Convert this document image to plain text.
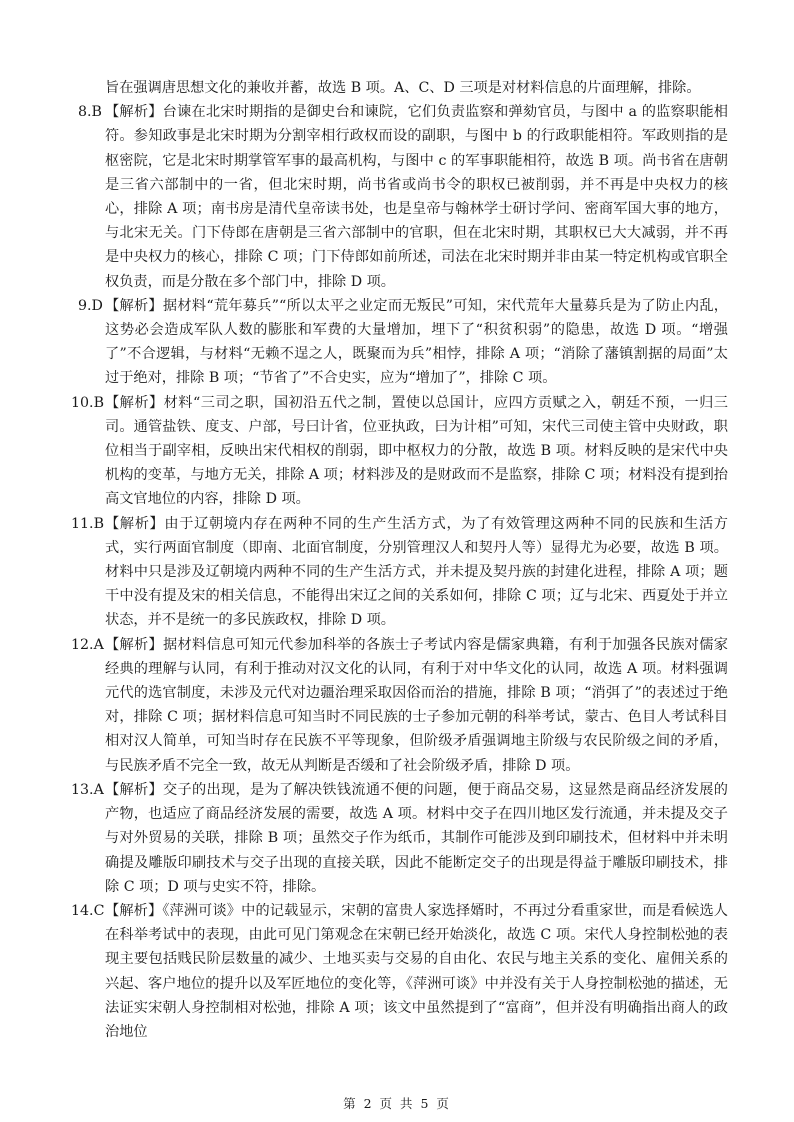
旨在强调唐思想文化的兼收并蓄，故选 B 项。A、C、D 三项是对材料信息的片面理解，排除。
8.B 【解析】台谏在北宋时期指的是御史台和谏院，它们负责监察和弹劾官员，与图中 a 的监察职能相符。参知政事是北宋时期为分割宰相行政权而设的副职，与图中 b 的行政职能相符。军政则指的是枢密院，它是北宋时期掌管军事的最高机构，与图中 c 的军事职能相符，故选 B 项。尚书省在唐朝是三省六部制中的一省，但北宋时期，尚书省或尚书令的职权已被削弱，并不再是中央权力的核心，排除 A 项；南书房是清代皇帝读书处，也是皇帝与翰林学士研讨学问、密商军国大事的地方，与北宋无关。门下侍郎在唐朝是三省六部制中的官职，但在北宋时期，其职权已大大减弱，并不再是中央权力的核心，排除 C 项；门下侍郎如前所述，司法在北宋时期并非由某一特定机构或官职全权负责，而是分散在多个部门中，排除 D 项。
9.D 【解析】据材料“荒年募兵”“所以太平之业定而无叛民”可知，宋代荒年大量募兵是为了防止内乱，这势必会造成军队人数的膨胀和军费的大量增加，埋下了“积贫积弱”的隐患，故选 D 项。“增强了”不合逻辑，与材料“无赖不逞之人，既聚而为兵”相悖，排除 A 项；“消除了藩镇割据的局面”太过于绝对，排除 B 项；“节省了”不合史实，应为“增加了”，排除 C 项。
10.B 【解析】材料“三司之职，国初沿五代之制，置使以总国计，应四方贡赋之入，朝廷不预，一归三司。通管盐铁、度支、户部，号曰计省，位亚执政，曰为计相”可知，宋代三司使主管中央财政，职位相当于副宰相，反映出宋代相权的削弱，即中枢权力的分散，故选 B 项。材料反映的是宋代中央机构的变革，与地方无关，排除 A 项；材料涉及的是财政而不是监察，排除 C 项；材料没有提到抬高文官地位的内容，排除 D 项。
11.B 【解析】由于辽朝境内存在两种不同的生产生活方式，为了有效管理这两种不同的民族和生活方式，实行两面官制度（即南、北面官制度，分别管理汉人和契丹人等）显得尤为必要，故选 B 项。材料中只是涉及辽朝境内两种不同的生产生活方式，并未提及契丹族的封建化进程，排除 A 项；题干中没有提及宋的相关信息，不能得出宋辽之间的关系如何，排除 C 项；辽与北宋、西夏处于并立状态，并不是统一的多民族政权，排除 D 项。
12.A 【解析】据材料信息可知元代参加科举的各族士子考试内容是儒家典籍，有利于加强各民族对儒家经典的理解与认同，有利于推动对汉文化的认同，有利于对中华文化的认同，故选 A 项。材料强调元代的选官制度，未涉及元代对边疆治理采取因俗而治的措施，排除 B 项；“消弭了”的表述过于绝对，排除 C 项；据材料信息可知当时不同民族的士子参加元朝的科举考试，蒙古、色目人考试科目相对汉人简单，可知当时存在民族不平等现象，但阶级矛盾强调地主阶级与农民阶级之间的矛盾，与民族矛盾不完全一致，故无从判断是否缓和了社会阶级矛盾，排除 D 项。
13.A 【解析】交子的出现，是为了解决铁钱流通不便的问题，便于商品交易，这显然是商品经济发展的产物，也适应了商品经济发展的需要，故选 A 项。材料中交子在四川地区发行流通，并未提及交子与对外贸易的关联，排除 B 项；虽然交子作为纸币，其制作可能涉及到印刷技术，但材料中并未明确提及雕版印刷技术与交子出现的直接关联，因此不能断定交子的出现是得益于雕版印刷技术，排除 C 项；D 项与史实不符，排除。
14.C 【解析】《萍洲可谈》中的记载显示，宋朝的富贵人家选择婿时，不再过分看重家世，而是看候选人在科举考试中的表现，由此可见门第观念在宋朝已经开始淡化，故选 C 项。宋代人身控制松弛的表现主要包括贱民阶层数量的减少、土地买卖与交易的自由化、农民与地主关系的变化、雇佣关系的兴起、客户地位的提升以及军匠地位的变化等，《萍洲可谈》中并没有关于人身控制松弛的描述，无法证实宋朝人身控制相对松弛，排除 A 项；该文中虽然提到了“富商”，但并没有明确指出商人的政治地位
第 2 页 共 5 页
